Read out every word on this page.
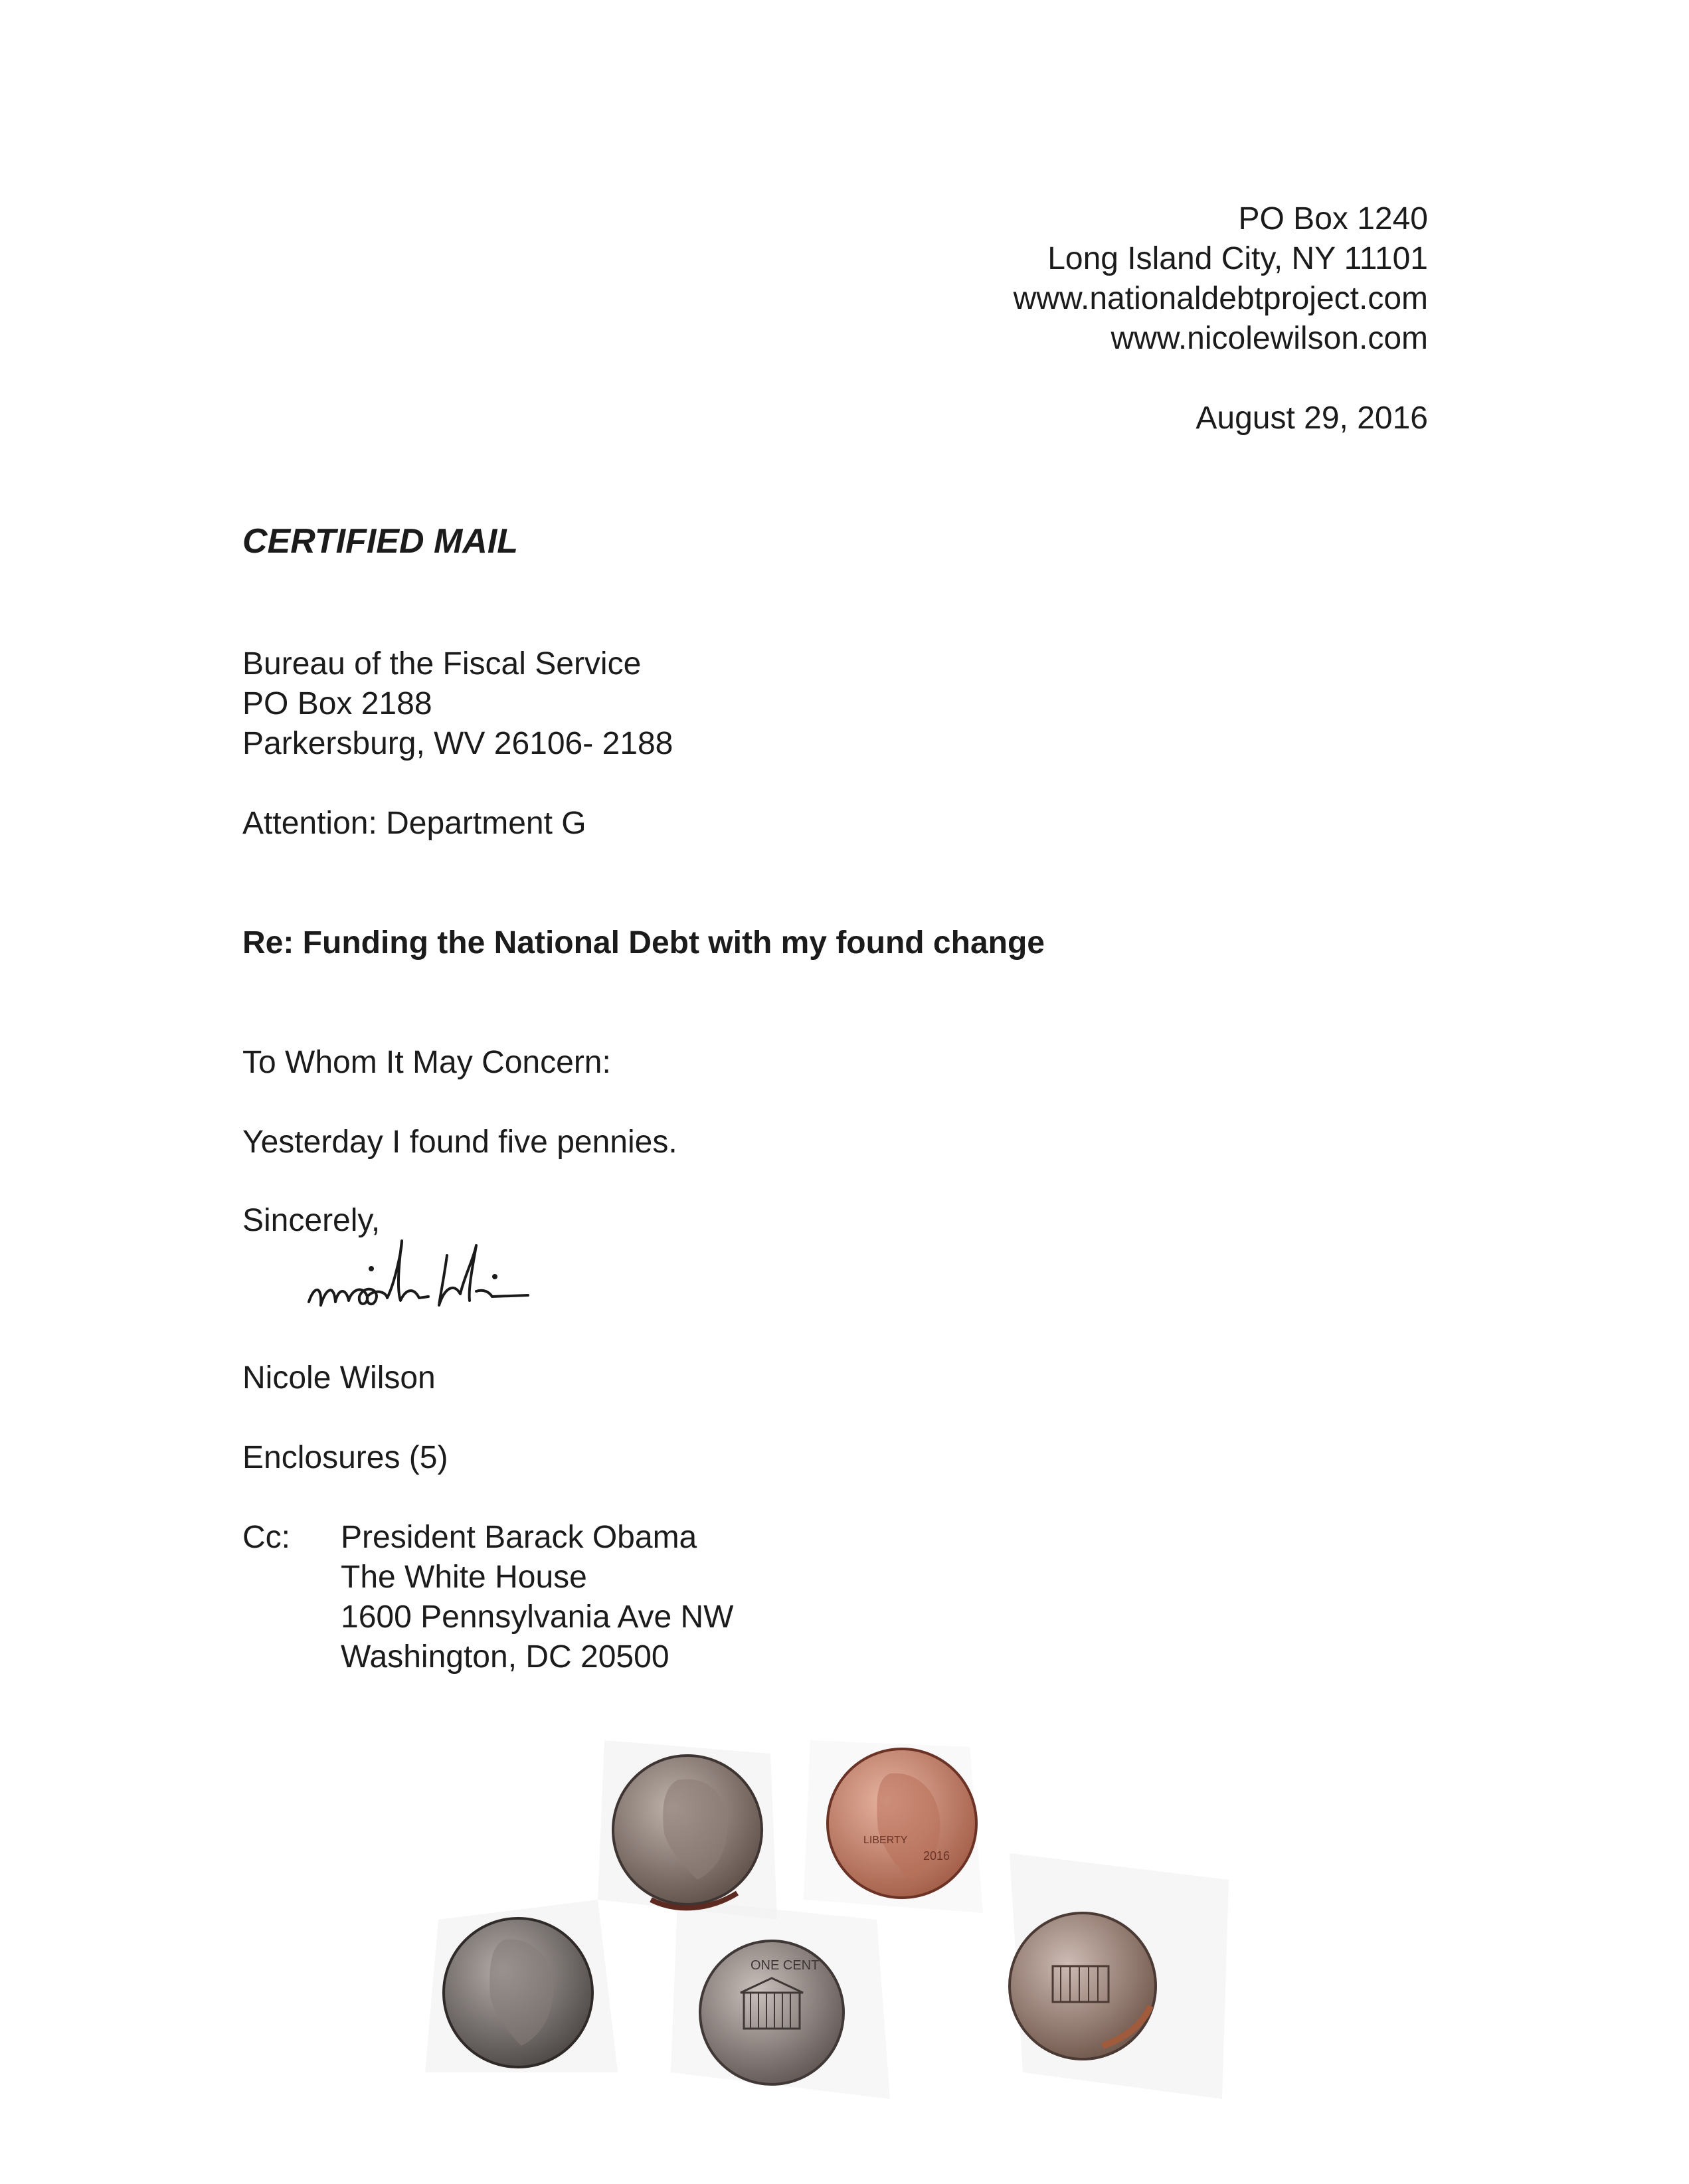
PO Box 1240
Long Island City, NY 11101
www.nationaldebtproject.com
www.nicolewilson.com
August 29, 2016
CERTIFIED MAIL
Bureau of the Fiscal Service
PO Box 2188
Parkersburg, WV 26106- 2188
Attention: Department G
Re: Funding the National Debt with my found change
To Whom It May Concern:
Yesterday I found five pennies.
Sincerely,
Nicole Wilson
Enclosures (5)
Cc: President Barack Obama
The White House
1600 Pennsylvania Ave NW
Washington, DC 20500
LIBERTY
2016
ONE CENT
